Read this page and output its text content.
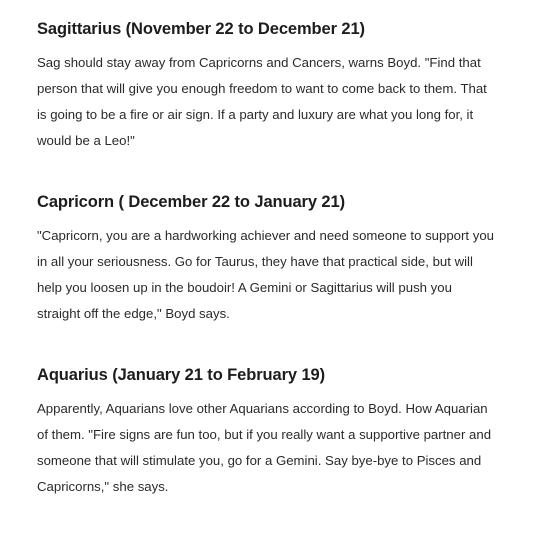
Sagittarius (November 22 to December 21)

Sag should stay away from Capricorns and Cancers, warns Boyd. "Find that person that will give you enough freedom to want to come back to them. That is going to be a fire or air sign. If a party and luxury are what you long for, it would be a Leo!"

Capricorn ( December 22 to January 21)

"Capricorn, you are a hardworking achiever and need someone to support you in all your seriousness. Go for Taurus, they have that practical side, but will help you loosen up in the boudoir! A Gemini or Sagittarius will push you straight off the edge," Boyd says.

Aquarius (January 21 to February 19)

Apparently, Aquarians love other Aquarians according to Boyd. How Aquarian of them. "Fire signs are fun too, but if you really want a supportive partner and someone that will stimulate you, go for a Gemini. Say bye-bye to Pisces and Capricorns," she says.
